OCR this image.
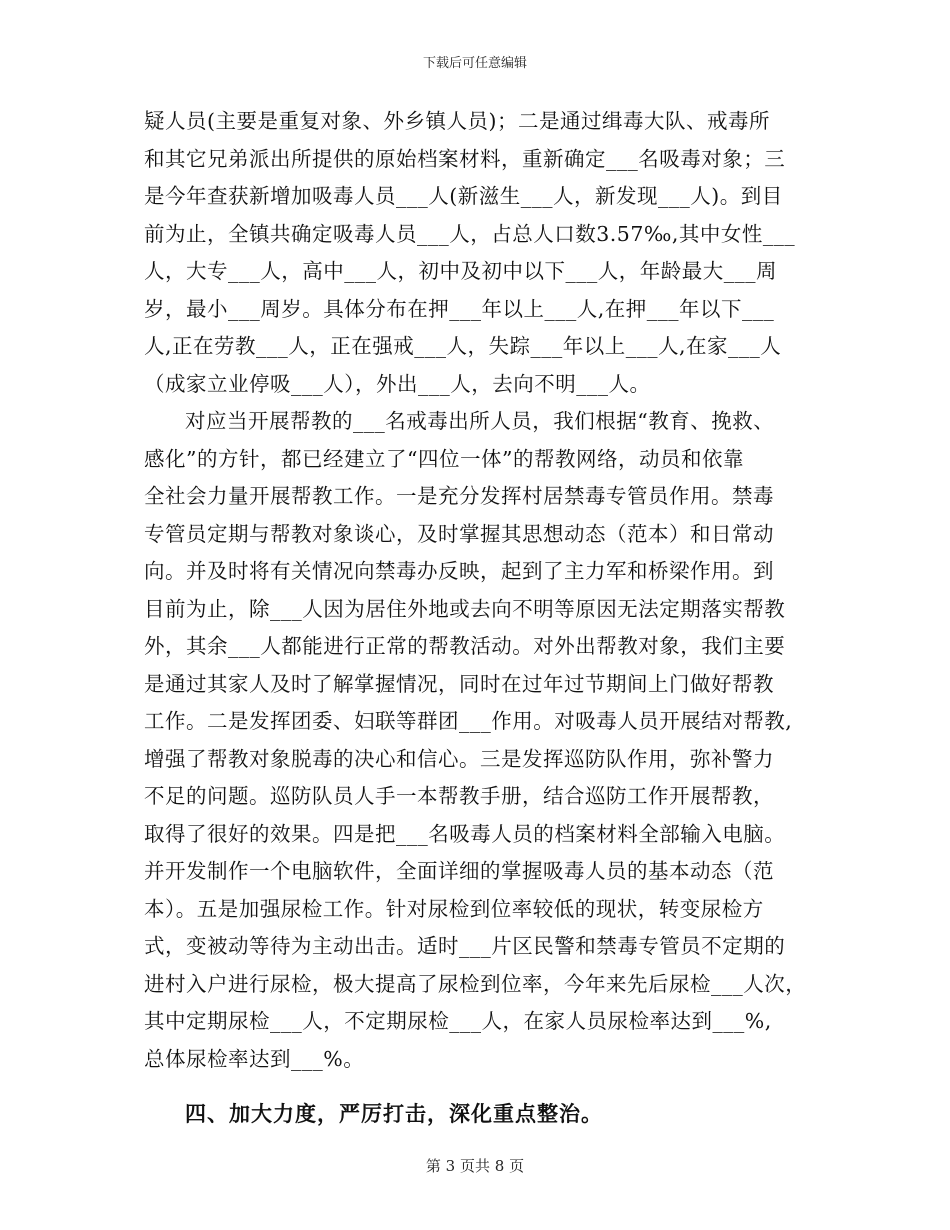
下载后可任意编辑
疑人员(主要是重复对象、外乡镇人员)；二是通过缉毒大队、戒毒所
和其它兄弟派出所提供的原始档案材料，重新确定___名吸毒对象；三
是今年查获新增加吸毒人员___人(新滋生___人，新发现___人)。到目
前为止，全镇共确定吸毒人员___人，占总人口数3.57‰,其中女性___
人，大专___人，高中___人，初中及初中以下___人，年龄最大___周
岁，最小___周岁。具体分布在押___年以上___人,在押___年以下___
人,正在劳教___人，正在强戒___人，失踪___年以上___人,在家___人
（成家立业停吸___人），外出___人，去向不明___人。
对应当开展帮教的___名戒毒出所人员，我们根据“教育、挽救、
感化”的方针，都已经建立了“四位一体”的帮教网络，动员和依靠
全社会力量开展帮教工作。一是充分发挥村居禁毒专管员作用。禁毒
专管员定期与帮教对象谈心，及时掌握其思想动态（范本）和日常动
向。并及时将有关情况向禁毒办反映，起到了主力军和桥梁作用。到
目前为止，除___人因为居住外地或去向不明等原因无法定期落实帮教
外，其余___人都能进行正常的帮教活动。对外出帮教对象，我们主要
是通过其家人及时了解掌握情况，同时在过年过节期间上门做好帮教
工作。二是发挥团委、妇联等群团___作用。对吸毒人员开展结对帮教,
增强了帮教对象脱毒的决心和信心。三是发挥巡防队作用，弥补警力
不足的问题。巡防队员人手一本帮教手册，结合巡防工作开展帮教，
取得了很好的效果。四是把___名吸毒人员的档案材料全部输入电脑。
并开发制作一个电脑软件，全面详细的掌握吸毒人员的基本动态（范
本）。五是加强尿检工作。针对尿检到位率较低的现状，转变尿检方
式，变被动等待为主动出击。适时___片区民警和禁毒专管员不定期的
进村入户进行尿检，极大提高了尿检到位率，今年来先后尿检___人次，
其中定期尿检___人，不定期尿检___人，在家人员尿检率达到___%,
总体尿检率达到___%。
四、加大力度，严厉打击，深化重点整治。
第 3 页共 8 页
